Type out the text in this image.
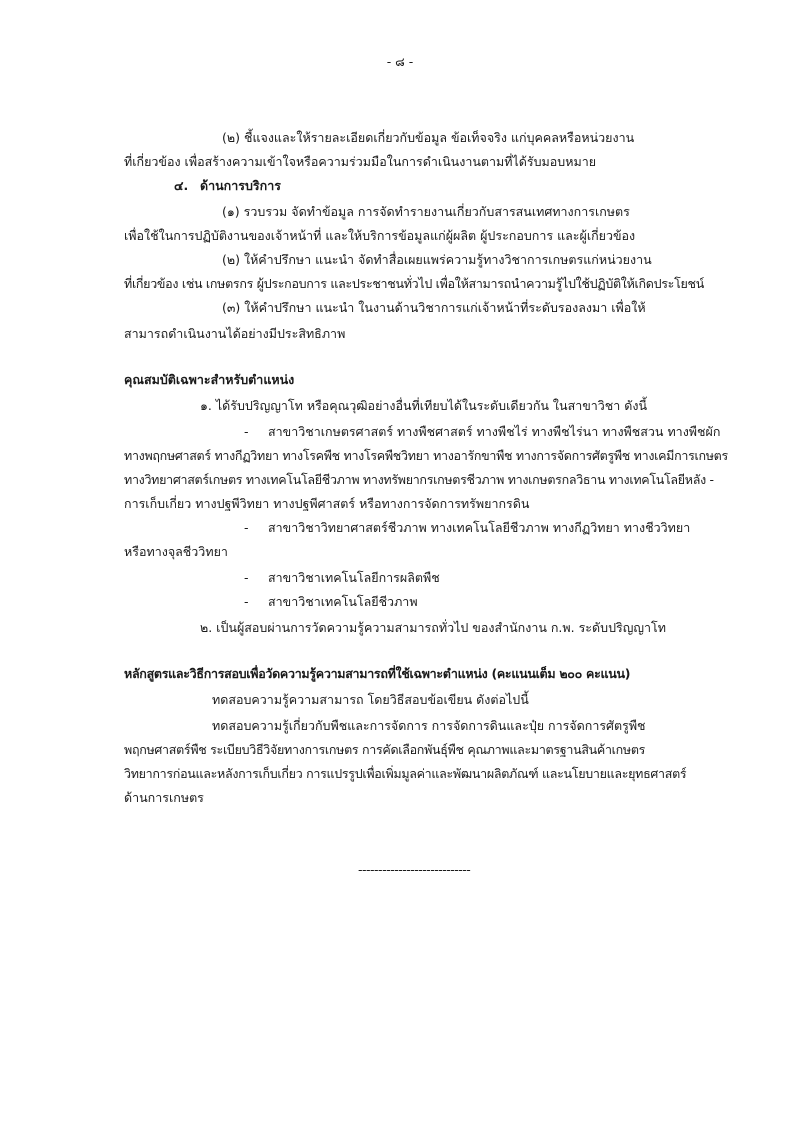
- ๘ -
(๒) ชี้แจงและให้รายละเอียดเกี่ยวกับข้อมูล ข้อเท็จจริง แก่บุคคลหรือหน่วยงาน
ที่เกี่ยวข้อง เพื่อสร้างความเข้าใจหรือความร่วมมือในการดำเนินงานตามที่ได้รับมอบหมาย
๔. ด้านการบริการ
(๑) รวบรวม จัดทำข้อมูล การจัดทำรายงานเกี่ยวกับสารสนเทศทางการเกษตร
เพื่อใช้ในการปฏิบัติงานของเจ้าหน้าที่ และให้บริการข้อมูลแก่ผู้ผลิต ผู้ประกอบการ และผู้เกี่ยวข้อง
(๒) ให้คำปรึกษา แนะนำ จัดทำสื่อเผยแพร่ความรู้ทางวิชาการเกษตรแก่หน่วยงาน
ที่เกี่ยวข้อง เช่น เกษตรกร ผู้ประกอบการ และประชาชนทั่วไป เพื่อให้สามารถนำความรู้ไปใช้ปฏิบัติให้เกิดประโยชน์
(๓) ให้คำปรึกษา แนะนำ ในงานด้านวิชาการแก่เจ้าหน้าที่ระดับรองลงมา เพื่อให้
สามารถดำเนินงานได้อย่างมีประสิทธิภาพ
คุณสมบัติเฉพาะสำหรับตำแหน่ง
๑. ได้รับปริญญาโท หรือคุณวุฒิอย่างอื่นที่เทียบได้ในระดับเดียวกัน ในสาขาวิชา ดังนี้
- สาขาวิชาเกษตรศาสตร์ ทางพืชศาสตร์ ทางพืชไร่ ทางพืชไร่นา ทางพืชสวน ทางพืชผัก
ทางพฤกษศาสตร์ ทางกีฏวิทยา ทางโรคพืช ทางโรคพืชวิทยา ทางอารักขาพืช ทางการจัดการศัตรูพืช ทางเคมีการเกษตร
ทางวิทยาศาสตร์เกษตร ทางเทคโนโลยีชีวภาพ ทางทรัพยากรเกษตรชีวภาพ ทางเกษตรกลวิธาน ทางเทคโนโลยีหลัง -
การเก็บเกี่ยว ทางปฐพีวิทยา ทางปฐพีศาสตร์ หรือทางการจัดการทรัพยากรดิน
- สาขาวิชาวิทยาศาสตร์ชีวภาพ ทางเทคโนโลยีชีวภาพ ทางกีฏวิทยา ทางชีววิทยา
หรือทางจุลชีววิทยา
- สาขาวิชาเทคโนโลยีการผลิตพืช
- สาขาวิชาเทคโนโลยีชีวภาพ
๒. เป็นผู้สอบผ่านการวัดความรู้ความสามารถทั่วไป ของสำนักงาน ก.พ. ระดับปริญญาโท
หลักสูตรและวิธีการสอบเพื่อวัดความรู้ความสามารถที่ใช้เฉพาะตำแหน่ง (คะแนนเต็ม ๒๐๐ คะแนน)
ทดสอบความรู้ความสามารถ โดยวิธีสอบข้อเขียน ดังต่อไปนี้
ทดสอบความรู้เกี่ยวกับพืชและการจัดการ การจัดการดินและปุ๋ย การจัดการศัตรูพืช
พฤกษศาสตร์พืช ระเบียบวิธีวิจัยทางการเกษตร การคัดเลือกพันธุ์พืช คุณภาพและมาตรฐานสินค้าเกษตร
วิทยาการก่อนและหลังการเก็บเกี่ยว การแปรรูปเพื่อเพิ่มมูลค่าและพัฒนาผลิตภัณฑ์ และนโยบายและยุทธศาสตร์
ด้านการเกษตร
----------------------------
